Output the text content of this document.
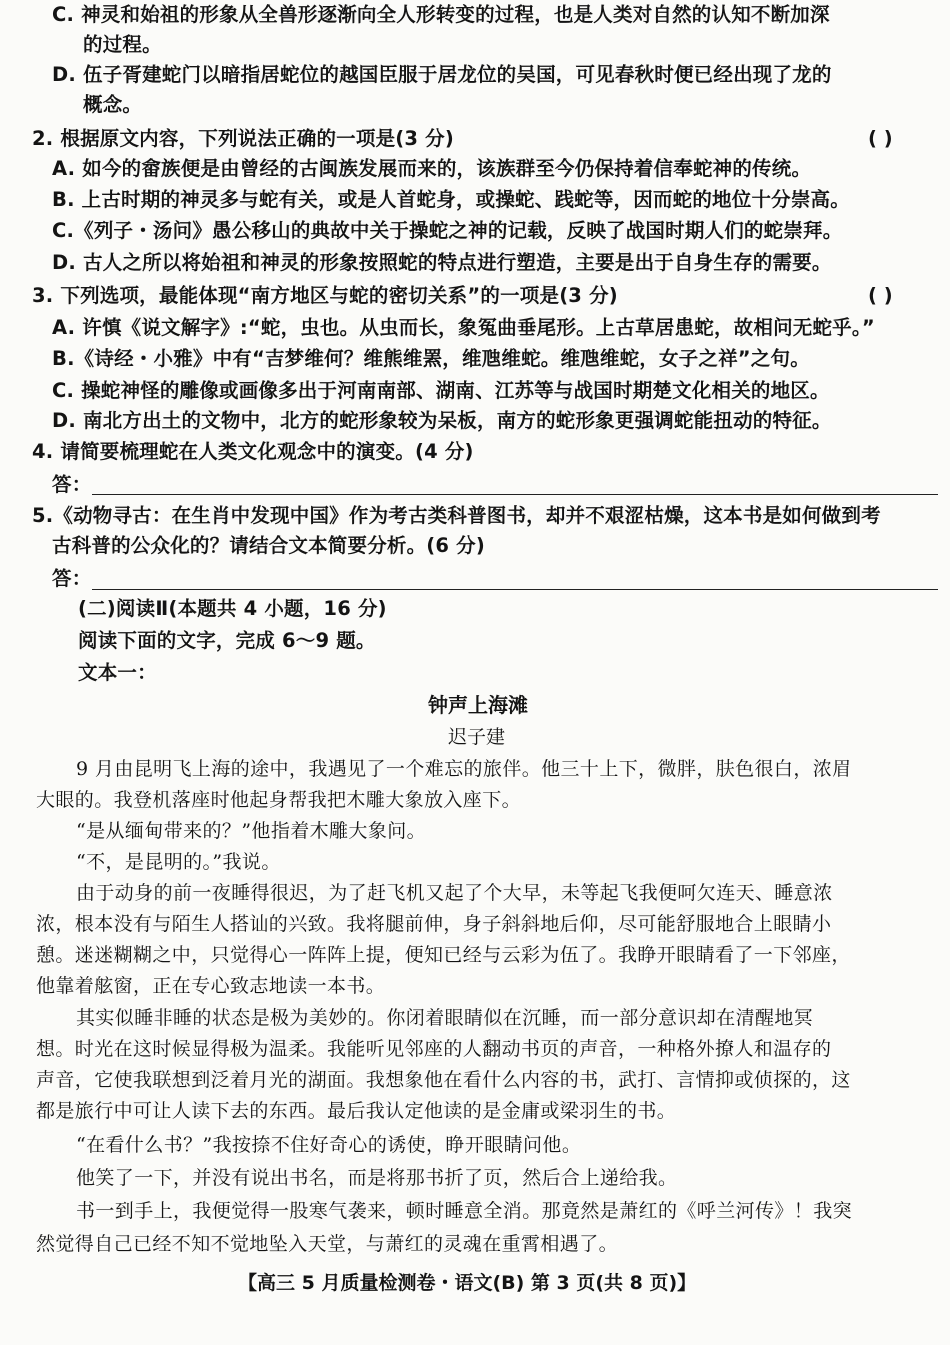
C. 神灵和始祖的形象从全兽形逐渐向全人形转变的过程，也是人类对自然的认知不断加深
的过程。
D. 伍子胥建蛇门以暗指居蛇位的越国臣服于居龙位的吴国，可见春秋时便已经出现了龙的
概念。
2. 根据原文内容，下列说法正确的一项是(3 分)	( )
A. 如今的畲族便是由曾经的古闽族发展而来的，该族群至今仍保持着信奉蛇神的传统。
B. 上古时期的神灵多与蛇有关，或是人首蛇身，或操蛇、践蛇等，因而蛇的地位十分崇高。
C.《列子・汤问》愚公移山的典故中关于操蛇之神的记载，反映了战国时期人们的蛇崇拜。
D. 古人之所以将始祖和神灵的形象按照蛇的特点进行塑造，主要是出于自身生存的需要。
3. 下列选项，最能体现“南方地区与蛇的密切关系”的一项是(3 分)	( )
A. 许慎《说文解字》:“蛇，虫也。从虫而长，象冤曲垂尾形。上古草居患蛇，故相问无蛇乎。”
B.《诗经・小雅》中有“吉梦维何？维熊维罴，维虺维蛇。维虺维蛇，女子之祥”之句。
C. 操蛇神怪的雕像或画像多出于河南南部、湖南、江苏等与战国时期楚文化相关的地区。
D. 南北方出土的文物中，北方的蛇形象较为呆板，南方的蛇形象更强调蛇能扭动的特征。
4. 请简要梳理蛇在人类文化观念中的演变。(4 分)
答：
5.《动物寻古：在生肖中发现中国》作为考古类科普图书，却并不艰涩枯燥，这本书是如何做到考
古科普的公众化的？请结合文本简要分析。(6 分)
答：
(二)阅读Ⅱ(本题共 4 小题，16 分)
阅读下面的文字，完成 6～9 题。
文本一：
钟声上海滩
迟子建
9 月由昆明飞上海的途中，我遇见了一个难忘的旅伴。他三十上下，微胖，肤色很白，浓眉
大眼的。我登机落座时他起身帮我把木雕大象放入座下。
“是从缅甸带来的？”他指着木雕大象问。
“不，是昆明的。”我说。
由于动身的前一夜睡得很迟，为了赶飞机又起了个大早，未等起飞我便呵欠连天、睡意浓
浓，根本没有与陌生人搭讪的兴致。我将腿前伸，身子斜斜地后仰，尽可能舒服地合上眼睛小
憩。迷迷糊糊之中，只觉得心一阵阵上提，便知已经与云彩为伍了。我睁开眼睛看了一下邻座，
他靠着舷窗，正在专心致志地读一本书。
其实似睡非睡的状态是极为美妙的。你闭着眼睛似在沉睡，而一部分意识却在清醒地冥
想。时光在这时候显得极为温柔。我能听见邻座的人翻动书页的声音，一种格外撩人和温存的
声音，它使我联想到泛着月光的湖面。我想象他在看什么内容的书，武打、言情抑或侦探的，这
都是旅行中可让人读下去的东西。最后我认定他读的是金庸或梁羽生的书。
“在看什么书？”我按捺不住好奇心的诱使，睁开眼睛问他。
他笑了一下，并没有说出书名，而是将那书折了页，然后合上递给我。
书一到手上，我便觉得一股寒气袭来，顿时睡意全消。那竟然是萧红的《呼兰河传》！我突
然觉得自己已经不知不觉地坠入天堂，与萧红的灵魂在重霄相遇了。
【高三 5 月质量检测卷・语文(B) 第 3 页(共 8 页)】
